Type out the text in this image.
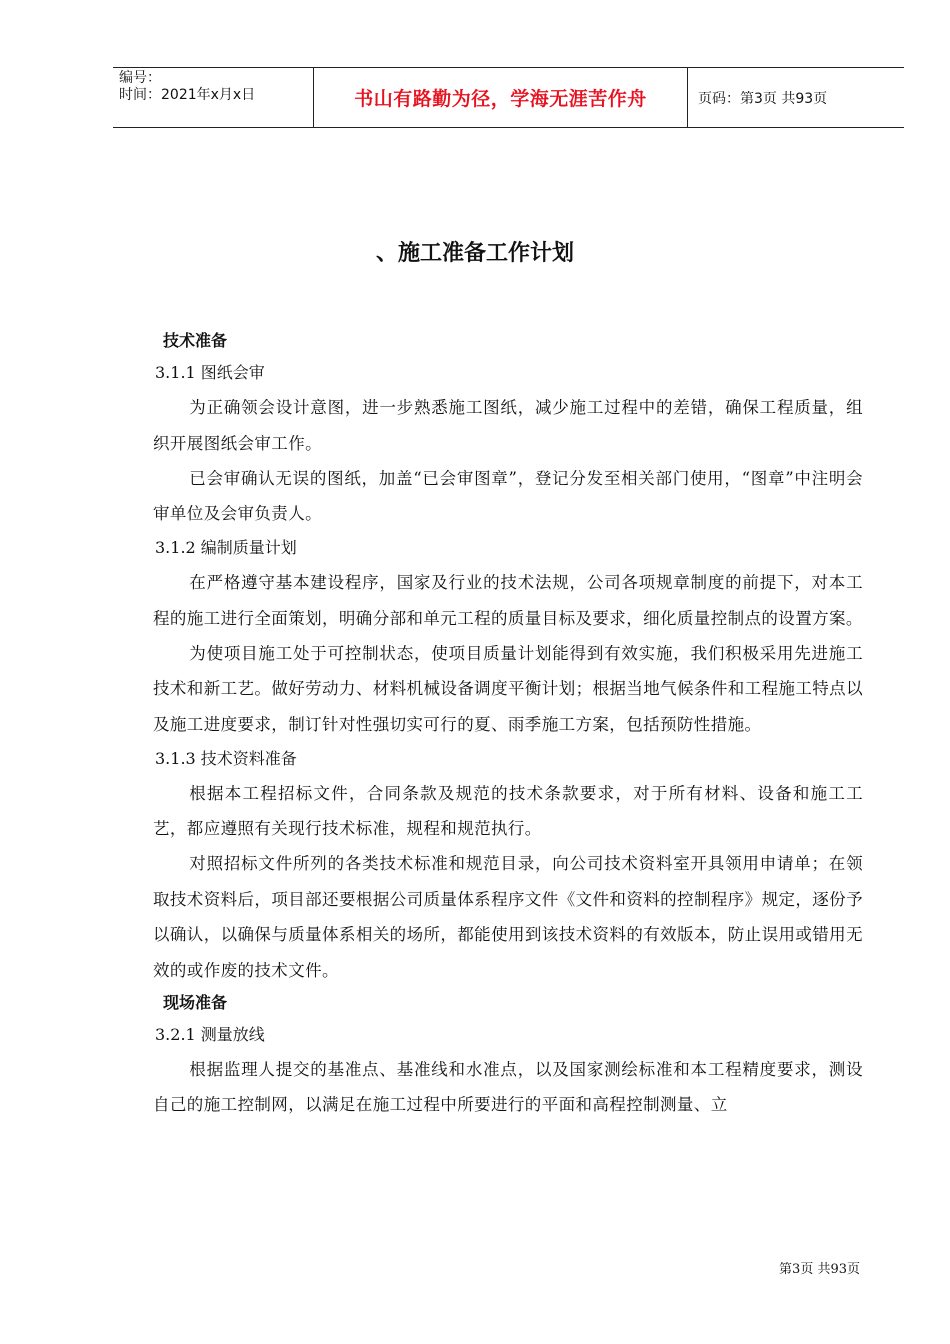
编号：
时间：2021年x月x日	书山有路勤为径，学海无涯苦作舟	页码：第3页 共93页
、施工准备工作计划
技术准备
3.1.1 图纸会审

为正确领会设计意图，进一步熟悉施工图纸，减少施工过程中的差错，确保工程质量，组织开展图纸会审工作。

已会审确认无误的图纸，加盖“已会审图章”，登记分发至相关部门使用，“图章”中注明会审单位及会审负责人。

3.1.2 编制质量计划

在严格遵守基本建设程序，国家及行业的技术法规，公司各项规章制度的前提下，对本工程的施工进行全面策划，明确分部和单元工程的质量目标及要求，细化质量控制点的设置方案。

为使项目施工处于可控制状态，使项目质量计划能得到有效实施，我们积极采用先进施工技术和新工艺。做好劳动力、材料机械设备调度平衡计划；根据当地气候条件和工程施工特点以及施工进度要求，制订针对性强切实可行的夏、雨季施工方案，包括预防性措施。

3.1.3 技术资料准备

根据本工程招标文件，合同条款及规范的技术条款要求，对于所有材料、设备和施工工艺，都应遵照有关现行技术标准，规程和规范执行。

对照招标文件所列的各类技术标准和规范目录，向公司技术资料室开具领用申请单；在领取技术资料后，项目部还要根据公司质量体系程序文件《文件和资料的控制程序》规定，逐份予以确认，以确保与质量体系相关的场所，都能使用到该技术资料的有效版本，防止误用或错用无效的或作废的技术文件。

现场准备
3.2.1 测量放线

根据监理人提交的基准点、基准线和水准点，以及国家测绘标准和本工程精度要求，测设自己的施工控制网，以满足在施工过程中所要进行的平面和高程控制测量、立

第3页 共93页
